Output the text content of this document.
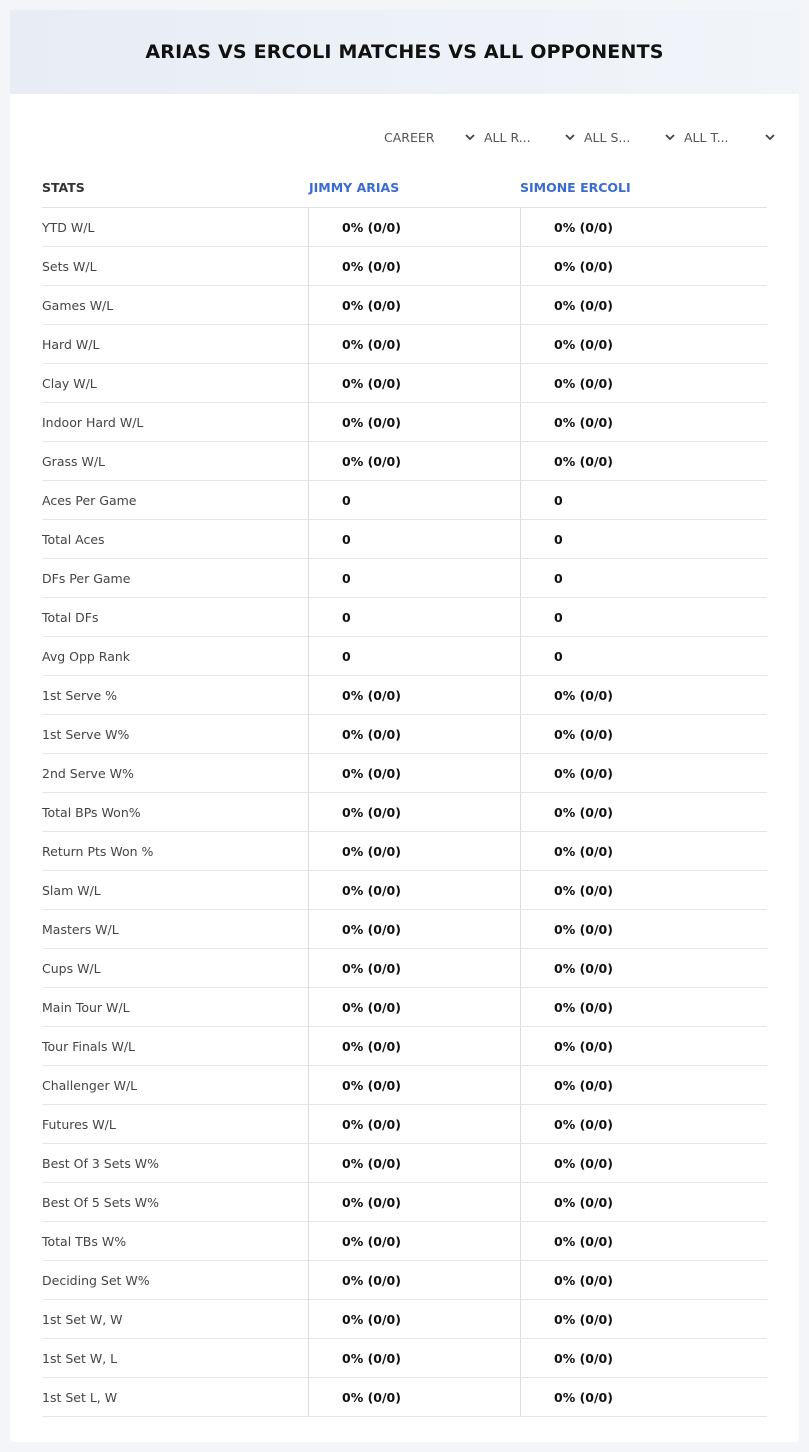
ARIAS VS ERCOLI MATCHES VS ALL OPPONENTS
CAREER	ALL R...	ALL S...	ALL T...
STATS	JIMMY ARIAS	SIMONE ERCOLI
YTD W/L	0% (0/0)	0% (0/0)
Sets W/L	0% (0/0)	0% (0/0)
Games W/L	0% (0/0)	0% (0/0)
Hard W/L	0% (0/0)	0% (0/0)
Clay W/L	0% (0/0)	0% (0/0)
Indoor Hard W/L	0% (0/0)	0% (0/0)
Grass W/L	0% (0/0)	0% (0/0)
Aces Per Game	0	0
Total Aces	0	0
DFs Per Game	0	0
Total DFs	0	0
Avg Opp Rank	0	0
1st Serve %	0% (0/0)	0% (0/0)
1st Serve W%	0% (0/0)	0% (0/0)
2nd Serve W%	0% (0/0)	0% (0/0)
Total BPs Won%	0% (0/0)	0% (0/0)
Return Pts Won %	0% (0/0)	0% (0/0)
Slam W/L	0% (0/0)	0% (0/0)
Masters W/L	0% (0/0)	0% (0/0)
Cups W/L	0% (0/0)	0% (0/0)
Main Tour W/L	0% (0/0)	0% (0/0)
Tour Finals W/L	0% (0/0)	0% (0/0)
Challenger W/L	0% (0/0)	0% (0/0)
Futures W/L	0% (0/0)	0% (0/0)
Best Of 3 Sets W%	0% (0/0)	0% (0/0)
Best Of 5 Sets W%	0% (0/0)	0% (0/0)
Total TBs W%	0% (0/0)	0% (0/0)
Deciding Set W%	0% (0/0)	0% (0/0)
1st Set W, W	0% (0/0)	0% (0/0)
1st Set W, L	0% (0/0)	0% (0/0)
1st Set L, W	0% (0/0)	0% (0/0)
